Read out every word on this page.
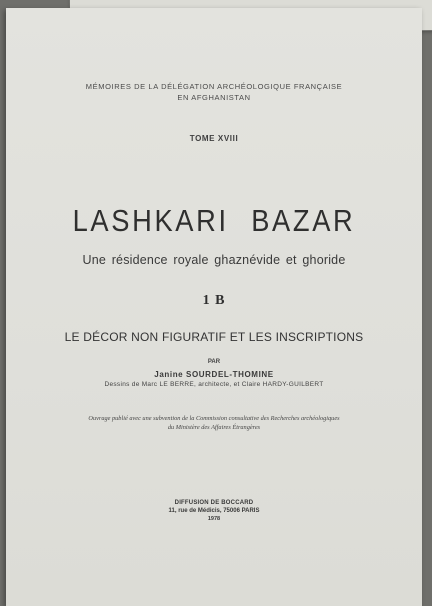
MÉMOIRES DE LA DÉLÉGATION ARCHÉOLOGIQUE FRANÇAISE
EN AFGHANISTAN
TOME XVIII
LASHKARI BAZAR
Une résidence royale ghaznévide et ghoride
1 B
LE DÉCOR NON FIGURATIF ET LES INSCRIPTIONS
PAR
Janine SOURDEL-THOMINE
Dessins de Marc LE BERRE, architecte, et Claire HARDY-GUILBERT
Ouvrage publié avec une subvention de la Commission consultative des Recherches archéologiques
du Ministère des Affaires Étrangères
DIFFUSION DE BOCCARD
11, rue de Médicis, 75006 PARIS
1978
